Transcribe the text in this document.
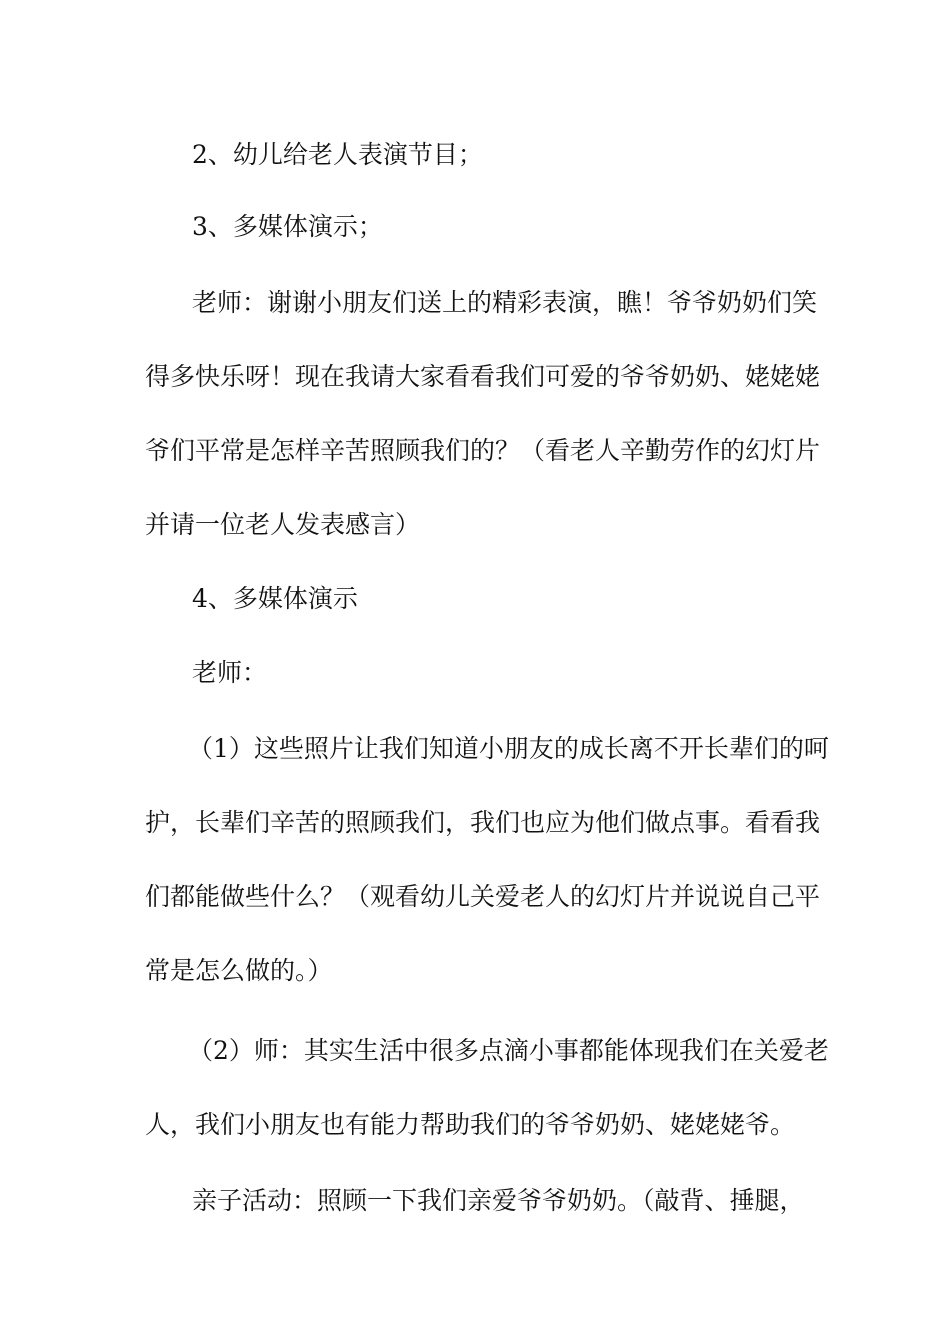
2、幼儿给老人表演节目；

3、多媒体演示；

老师：谢谢小朋友们送上的精彩表演，瞧！爷爷奶奶们笑

得多快乐呀！现在我请大家看看我们可爱的爷爷奶奶、姥姥姥

爷们平常是怎样辛苦照顾我们的？（看老人辛勤劳作的幻灯片

并请一位老人发表感言）

4、多媒体演示

老师：

（1）这些照片让我们知道小朋友的成长离不开长辈们的呵

护，长辈们辛苦的照顾我们，我们也应为他们做点事。看看我

们都能做些什么？（观看幼儿关爱老人的幻灯片并说说自己平

常是怎么做的。）

（2）师：其实生活中很多点滴小事都能体现我们在关爱老

人，我们小朋友也有能力帮助我们的爷爷奶奶、姥姥姥爷。

亲子活动：照顾一下我们亲爱爷爷奶奶。（敲背、捶腿，
